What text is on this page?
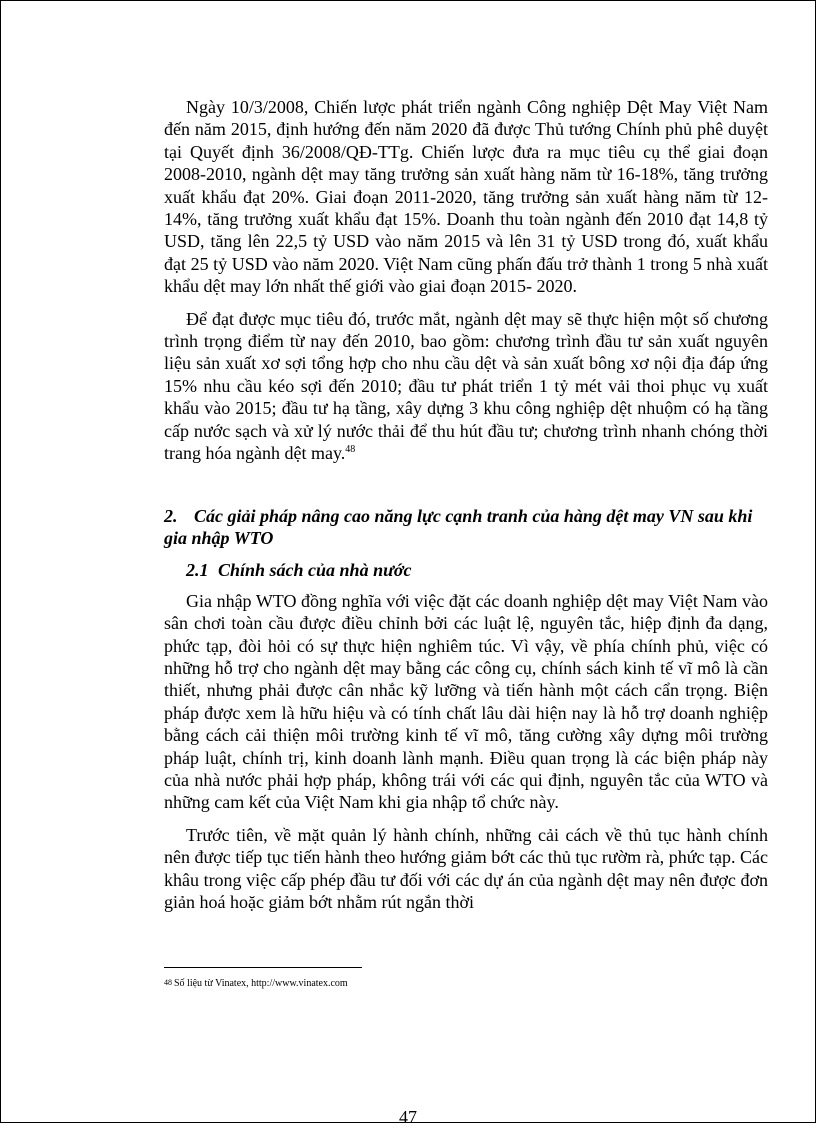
Ngày 10/3/2008, Chiến lược phát triển ngành Công nghiệp Dệt May Việt Nam đến năm 2015, định hướng đến năm 2020 đã được Thủ tướng Chính phủ phê duyệt tại Quyết định 36/2008/QĐ-TTg. Chiến lược đưa ra mục tiêu cụ thể giai đoạn 2008-2010, ngành dệt may tăng trưởng sản xuất hàng năm từ 16-18%, tăng trưởng xuất khẩu đạt 20%. Giai đoạn 2011-2020, tăng trưởng sản xuất hàng năm từ 12-14%, tăng trưởng xuất khẩu đạt 15%. Doanh thu toàn ngành đến 2010 đạt 14,8 tỷ USD, tăng lên 22,5 tỷ USD vào năm 2015 và lên 31 tỷ USD trong đó, xuất khẩu đạt 25 tỷ USD vào năm 2020. Việt Nam cũng phấn đấu trở thành 1 trong 5 nhà xuất khẩu dệt may lớn nhất thế giới vào giai đoạn 2015- 2020.

Để đạt được mục tiêu đó, trước mắt, ngành dệt may sẽ thực hiện một số chương trình trọng điểm từ nay đến 2010, bao gồm: chương trình đầu tư sản xuất nguyên liệu sản xuất xơ sợi tổng hợp cho nhu cầu dệt và sản xuất bông xơ nội địa đáp ứng 15% nhu cầu kéo sợi đến 2010; đầu tư phát triển 1 tỷ mét vải thoi phục vụ xuất khẩu vào 2015; đầu tư hạ tầng, xây dựng 3 khu công nghiệp dệt nhuộm có hạ tầng cấp nước sạch và xử lý nước thải để thu hút đầu tư; chương trình nhanh chóng thời trang hóa ngành dệt may.$^{48}$

2. Các giải pháp nâng cao năng lực cạnh tranh của hàng dệt may VN sau khi gia nhập WTO

2.1 Chính sách của nhà nước

Gia nhập WTO đồng nghĩa với việc đặt các doanh nghiệp dệt may Việt Nam vào sân chơi toàn cầu được điều chỉnh bởi các luật lệ, nguyên tắc, hiệp định đa dạng, phức tạp, đòi hỏi có sự thực hiện nghiêm túc. Vì vậy, về phía chính phủ, việc có những hỗ trợ cho ngành dệt may bằng các công cụ, chính sách kinh tế vĩ mô là cần thiết, nhưng phải được cân nhắc kỹ lưỡng và tiến hành một cách cẩn trọng. Biện pháp được xem là hữu hiệu và có tính chất lâu dài hiện nay là hỗ trợ doanh nghiệp bằng cách cải thiện môi trường kinh tế vĩ mô, tăng cường xây dựng môi trường pháp luật, chính trị, kinh doanh lành mạnh. Điều quan trọng là các biện pháp này của nhà nước phải hợp pháp, không trái với các qui định, nguyên tắc của WTO và những cam kết của Việt Nam khi gia nhập tổ chức này.

Trước tiên, về mặt quản lý hành chính, những cải cách về thủ tục hành chính nên được tiếp tục tiến hành theo hướng giảm bớt các thủ tục rườm rà, phức tạp. Các khâu trong việc cấp phép đầu tư đối với các dự án của ngành dệt may nên được đơn giản hoá hoặc giảm bớt nhằm rút ngắn thời

48 Số liệu từ Vinatex, http://www.vinatex.com
47
